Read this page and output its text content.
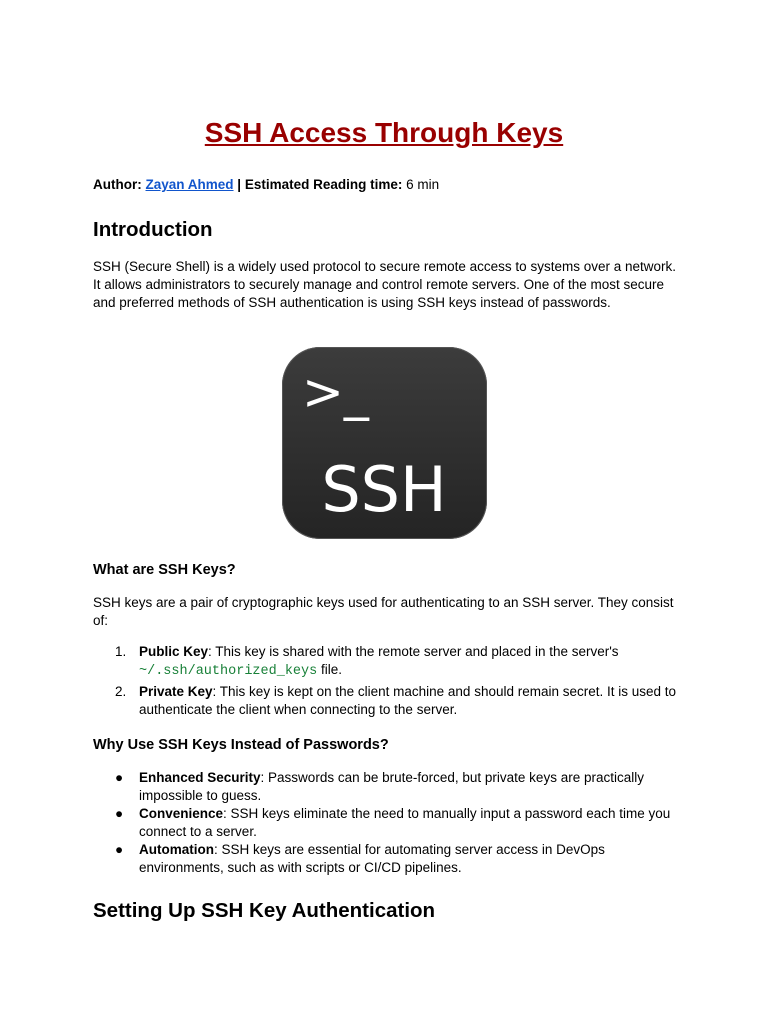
SSH Access Through Keys
Author: Zayan Ahmed | Estimated Reading time: 6 min
Introduction

SSH (Secure Shell) is a widely used protocol to secure remote access to systems over a network. It allows administrators to securely manage and control remote servers. One of the most secure and preferred methods of SSH authentication is using SSH keys instead of passwords.

>_
SSH
What are SSH Keys?

SSH keys are a pair of cryptographic keys used for authenticating to an SSH server. They consist of:

1. Public Key: This key is shared with the remote server and placed in the server's
~/.ssh/authorized_keys file.
2. Private Key: This key is kept on the client machine and should remain secret. It is used to authenticate the client when connecting to the server.
Why Use SSH Keys Instead of Passwords?
● Enhanced Security: Passwords can be brute-forced, but private keys are practically impossible to guess.
● Convenience: SSH keys eliminate the need to manually input a password each time you connect to a server.
● Automation: SSH keys are essential for automating server access in DevOps environments, such as with scripts or CI/CD pipelines.
Setting Up SSH Key Authentication
